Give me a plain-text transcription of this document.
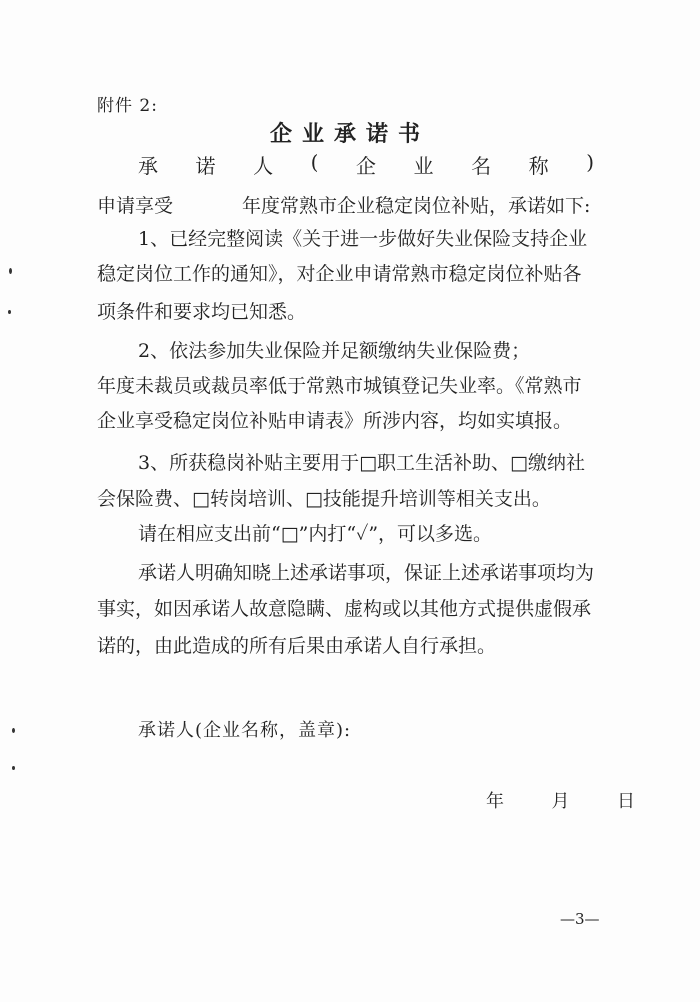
附件 2:
企业承诺书
承 诺 人 ( 企 业 名 称 )
申请享受	年度常熟市企业稳定岗位补贴，承诺如下:
1、已经完整阅读《关于进一步做好失业保险支持企业
稳定岗位工作的通知》，对企业申请常熟市稳定岗位补贴各
项条件和要求均已知悉。
2、依法参加失业保险并足额缴纳失业保险费；
年度未裁员或裁员率低于常熟市城镇登记失业率。《常熟市
企业享受稳定岗位补贴申请表》所涉内容，均如实填报。
3、所获稳岗补贴主要用于□职工生活补助、□缴纳社
会保险费、□转岗培训、□技能提升培训等相关支出。
请在相应支出前“□”内打“✓”，可以多选。
承诺人明确知晓上述承诺事项，保证上述承诺事项均为
事实，如因承诺人故意隐瞒、虚构或以其他方式提供虚假承
诺的，由此造成的所有后果由承诺人自行承担。
承诺人(企业名称，盖章):
年	月	日
—3—
